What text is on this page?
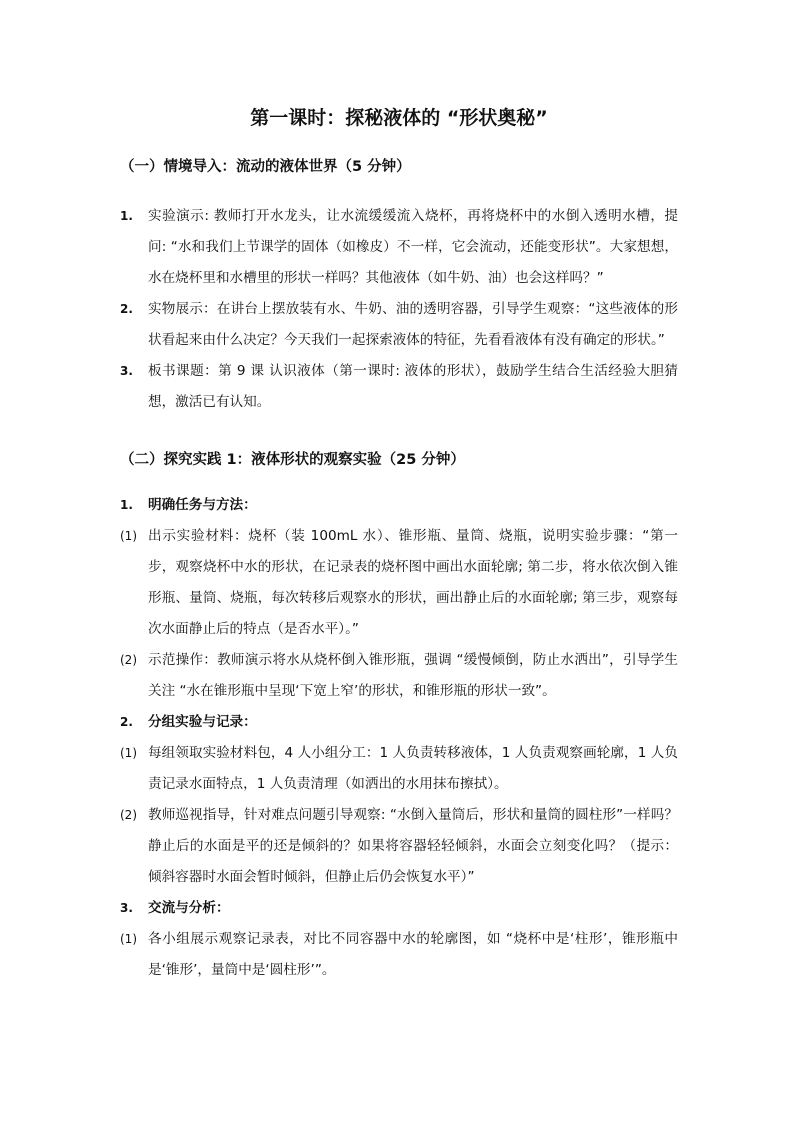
第一课时：探秘液体的 “形状奥秘”
（一）情境导入：流动的液体世界（5 分钟）
1. 实验演示: 教师打开水龙头，让水流缓缓流入烧杯，再将烧杯中的水倒入透明水槽，提问: “水和我们上节课学的固体（如橡皮）不一样，它会流动，还能变形状”。大家想想，水在烧杯里和水槽里的形状一样吗？其他液体（如牛奶、油）也会这样吗？”
2. 实物展示：在讲台上摆放装有水、牛奶、油的透明容器，引导学生观察：“这些液体的形状看起来由什么决定？今天我们一起探索液体的特征，先看看液体有没有确定的形状。”
3. 板书课题：第 9 课 认识液体（第一课时: 液体的形状），鼓励学生结合生活经验大胆猜想，激活已有认知。
（二）探究实践 1：液体形状的观察实验（25 分钟）
1. 明确任务与方法：
(1) 出示实验材料：烧杯（装 100mL 水）、锥形瓶、量筒、烧瓶，说明实验步骤：“第一步，观察烧杯中水的形状，在记录表的烧杯图中画出水面轮廓; 第二步，将水依次倒入锥形瓶、量筒、烧瓶，每次转移后观察水的形状，画出静止后的水面轮廓; 第三步，观察每次水面静止后的特点（是否水平）。”
(2) 示范操作：教师演示将水从烧杯倒入锥形瓶，强调 “缓慢倾倒，防止水洒出”，引导学生关注 “水在锥形瓶中呈现‘下宽上窄’的形状，和锥形瓶的形状一致”。
2. 分组实验与记录：
(1) 每组领取实验材料包，4 人小组分工：1 人负责转移液体，1 人负责观察画轮廓，1 人负责记录水面特点，1 人负责清理（如洒出的水用抹布擦拭）。
(2) 教师巡视指导，针对难点问题引导观察: “水倒入量筒后，形状和量筒的圆柱形”一样吗？静止后的水面是平的还是倾斜的？如果将容器轻轻倾斜，水面会立刻变化吗？（提示：倾斜容器时水面会暂时倾斜，但静止后仍会恢复水平）”
3. 交流与分析：
(1) 各小组展示观察记录表，对比不同容器中水的轮廓图，如 “烧杯中是‘柱形’，锥形瓶中是‘锥形’，量筒中是‘圆柱形’”。
